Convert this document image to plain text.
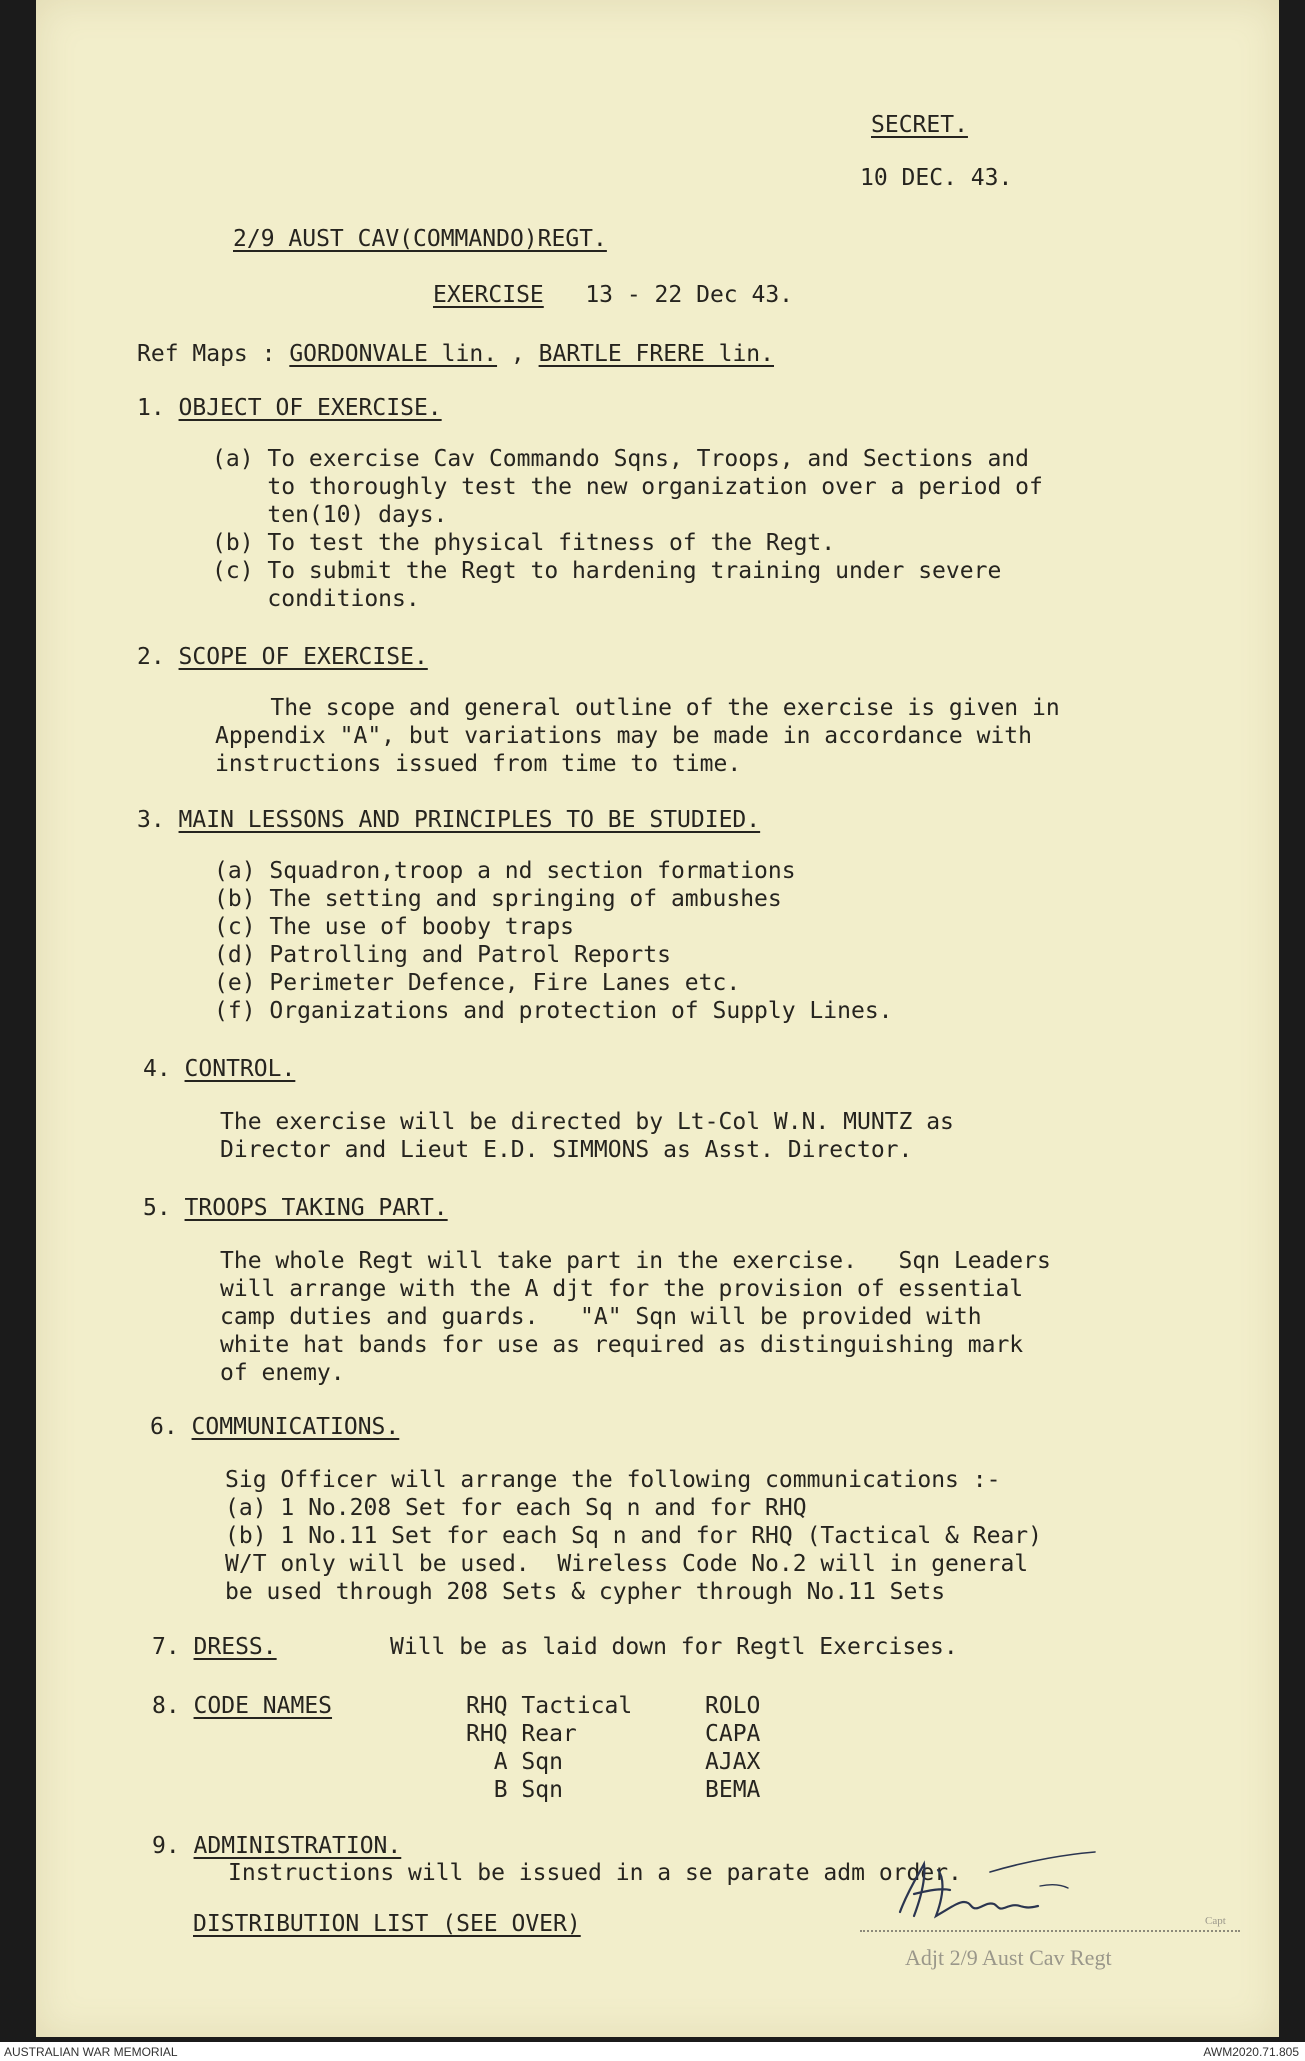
SECRET.
10 DEC. 43.
2/9 AUST CAV(COMMANDO)REGT.
EXERCISE   13 - 22 Dec 43.
Ref Maps : GORDONVALE lin. , BARTLE FRERE lin.
1. OBJECT OF EXERCISE.
(a) To exercise Cav Commando Sqns, Troops, and Sections and
to thoroughly test the new organization over a period of
ten(10) days.
(b) To test the physical fitness of the Regt.
(c) To submit the Regt to hardening training under severe
conditions.
2. SCOPE OF EXERCISE.
The scope and general outline of the exercise is given in
Appendix "A", but variations may be made in accordance with
instructions issued from time to time.
3. MAIN LESSONS AND PRINCIPLES TO BE STUDIED.
(a) Squadron,troop a nd section formations
(b) The setting and springing of ambushes
(c) The use of booby traps
(d) Patrolling and Patrol Reports
(e) Perimeter Defence, Fire Lanes etc.
(f) Organizations and protection of Supply Lines.
4. CONTROL.
The exercise will be directed by Lt-Col W.N. MUNTZ as
Director and Lieut E.D. SIMMONS as Asst. Director.
5. TROOPS TAKING PART.
The whole Regt will take part in the exercise.   Sqn Leaders
will arrange with the A djt for the provision of essential
camp duties and guards.   "A" Sqn will be provided with
white hat bands for use as required as distinguishing mark
of enemy.
6. COMMUNICATIONS.
Sig Officer will arrange the following communications :-
(a) 1 No.208 Set for each Sq n and for RHQ
(b) 1 No.11 Set for each Sq n and for RHQ (Tactical & Rear)
W/T only will be used.  Wireless Code No.2 will in general
be used through 208 Sets & cypher through No.11 Sets
7. DRESS.	Will be as laid down for Regtl Exercises.
8. CODE NAMES	RHQ Tactical	ROLO
RHQ Rear	CAPA
A Sqn	AJAX
B Sqn	BEMA
9. ADMINISTRATION.
Instructions will be issued in a se parate adm order.
DISTRIBUTION LIST (SEE OVER)	Capt
Adjt 2/9 Aust Cav Regt
AUSTRALIAN WAR MEMORIAL	AWM2020.71.805
